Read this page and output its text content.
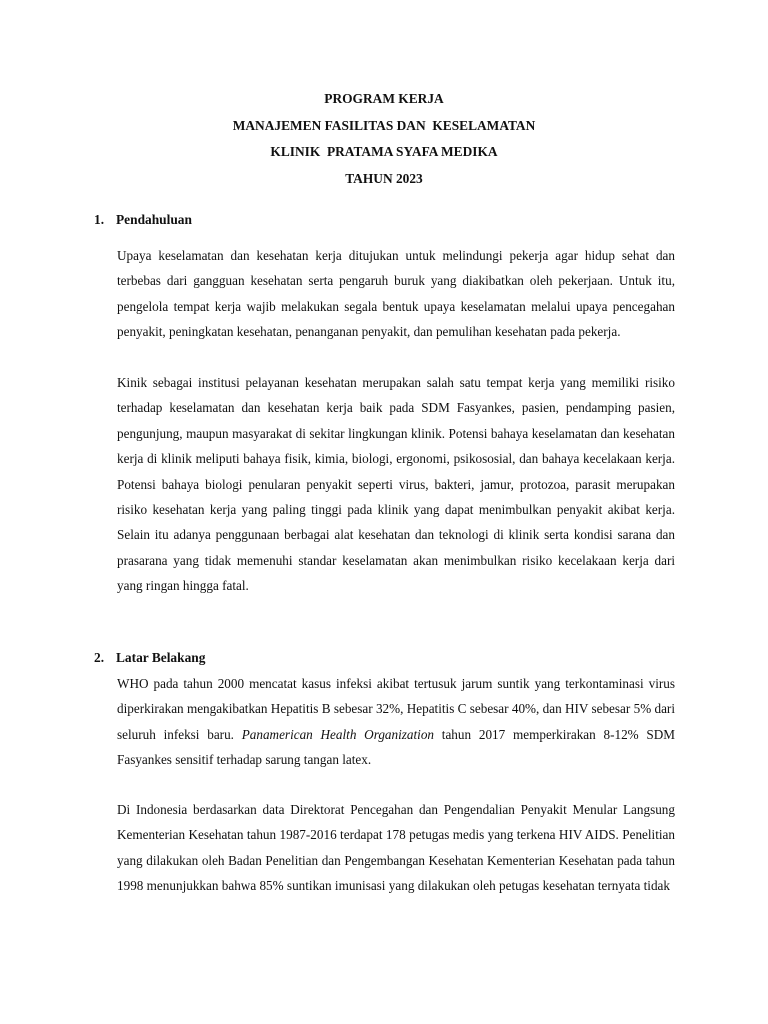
PROGRAM KERJA
MANAJEMEN FASILITAS DAN  KESELAMATAN
KLINIK  PRATAMA SYAFA MEDIKA
TAHUN 2023
1. Pendahuluan

Upaya keselamatan dan kesehatan kerja ditujukan untuk melindungi pekerja agar hidup sehat dan terbebas dari gangguan kesehatan serta pengaruh buruk yang diakibatkan oleh pekerjaan. Untuk itu, pengelola tempat kerja wajib melakukan segala bentuk upaya keselamatan melalui upaya pencegahan penyakit, peningkatan kesehatan, penanganan penyakit, dan pemulihan kesehatan pada pekerja.

Kinik sebagai institusi pelayanan kesehatan merupakan salah satu tempat kerja yang memiliki risiko terhadap keselamatan dan kesehatan kerja baik pada SDM Fasyankes, pasien, pendamping pasien, pengunjung, maupun masyarakat di sekitar lingkungan klinik. Potensi bahaya keselamatan dan kesehatan kerja di klinik meliputi bahaya fisik, kimia, biologi, ergonomi, psikososial, dan bahaya kecelakaan kerja. Potensi bahaya biologi penularan penyakit seperti virus, bakteri, jamur, protozoa, parasit merupakan risiko kesehatan kerja yang paling tinggi pada klinik yang dapat menimbulkan penyakit akibat kerja. Selain itu adanya penggunaan berbagai alat kesehatan dan teknologi di klinik serta kondisi sarana dan prasarana yang tidak memenuhi standar keselamatan akan menimbulkan risiko kecelakaan kerja dari yang ringan hingga fatal.

2. Latar Belakang

WHO pada tahun 2000 mencatat kasus infeksi akibat tertusuk jarum suntik yang terkontaminasi virus diperkirakan mengakibatkan Hepatitis B sebesar 32%, Hepatitis C sebesar 40%, dan HIV sebesar 5% dari seluruh infeksi baru. Panamerican Health Organization tahun 2017 memperkirakan 8-12% SDM Fasyankes sensitif terhadap sarung tangan latex.

Di Indonesia berdasarkan data Direktorat Pencegahan dan Pengendalian Penyakit Menular Langsung Kementerian Kesehatan tahun 1987-2016 terdapat 178 petugas medis yang terkena HIV AIDS. Penelitian yang dilakukan oleh Badan Penelitian dan Pengembangan Kesehatan Kementerian Kesehatan pada tahun 1998 menunjukkan bahwa 85% suntikan imunisasi yang dilakukan oleh petugas kesehatan ternyata tidak
